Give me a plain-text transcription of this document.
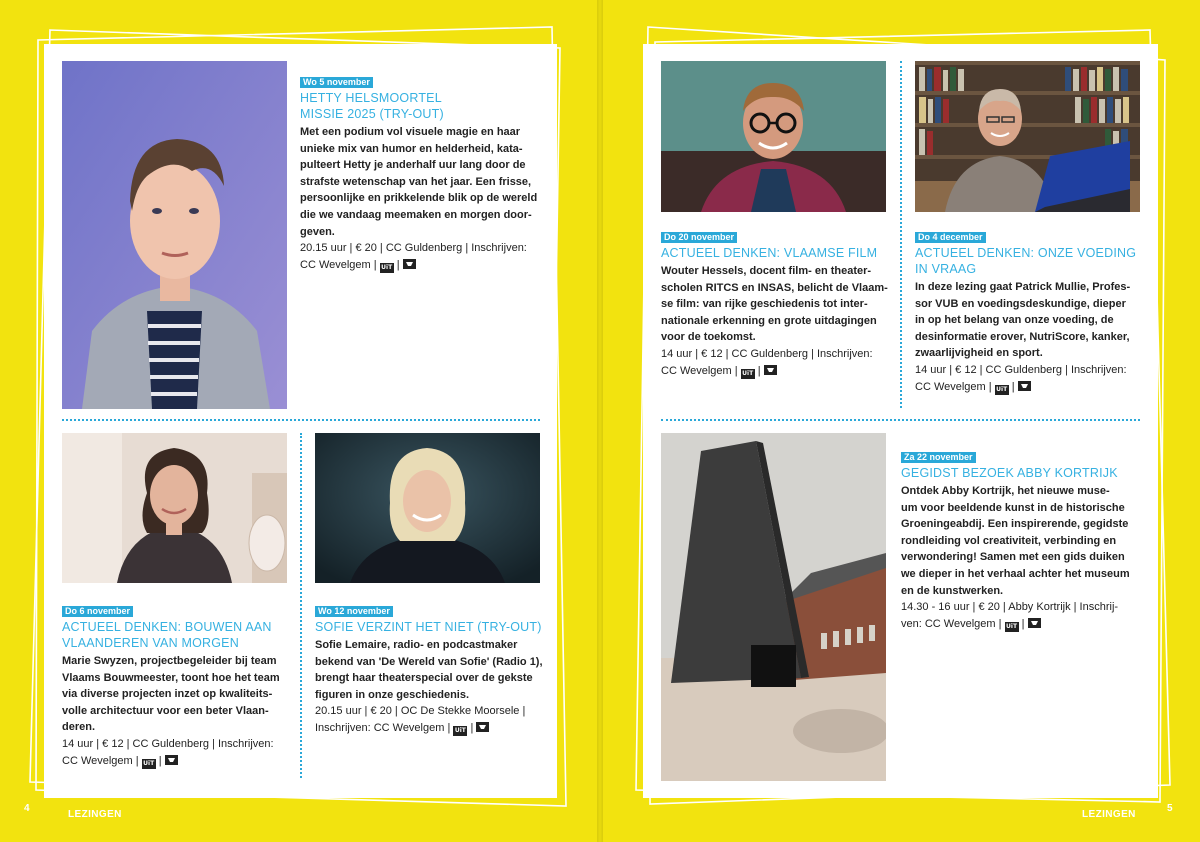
Wo 5 november
HETTY HELSMOORTEL
MISSIE 2025 (TRY-OUT)
Met een podium vol visuele magie en haar
unieke mix van humor en helderheid, kata-
pulteert Hetty je anderhalf uur lang door de
strafste wetenschap van het jaar. Een frisse,
persoonlijke en prikkelende blik op de wereld
die we vandaag meemaken en morgen door-
geven.
20.15 uur | € 20 | CC Guldenberg | Inschrijven:
CC Wevelgem | UiT |
Do 6 november
ACTUEEL DENKEN: BOUWEN AAN
VLAANDEREN VAN MORGEN
Marie Swyzen, projectbegeleider bij team
Vlaams Bouwmeester, toont hoe het team
via diverse projecten inzet op kwaliteits-
volle architectuur voor een beter Vlaan-
deren.
14 uur | € 12 | CC Guldenberg | Inschrijven:
CC Wevelgem | UiT |
Wo 12 november
SOFIE VERZINT HET NIET (TRY-OUT)
Sofie Lemaire, radio- en podcastmaker
bekend van 'De Wereld van Sofie' (Radio 1),
brengt haar theaterspecial over de gekste
figuren in onze geschiedenis.
20.15 uur | € 20 | OC De Stekke Moorsele |
Inschrijven: CC Wevelgem | UiT |
Do 20 november
ACTUEEL DENKEN: VLAAMSE FILM
Wouter Hessels, docent film- en theater-
scholen RITCS en INSAS, belicht de Vlaam-
se film: van rijke geschiedenis tot inter-
nationale erkenning en grote uitdagingen
voor de toekomst.
14 uur | € 12 | CC Guldenberg | Inschrijven:
CC Wevelgem | UiT |
Do 4 december
ACTUEEL DENKEN: ONZE VOEDING
IN VRAAG
In deze lezing gaat Patrick Mullie, Profes-
sor VUB en voedingsdeskundige, dieper
in op het belang van onze voeding, de
desinformatie erover, NutriScore, kanker,
zwaarlijvigheid en sport.
14 uur | € 12 | CC Guldenberg | Inschrijven:
CC Wevelgem | UiT |
Za 22 november
GEGIDST BEZOEK ABBY KORTRIJK
Ontdek Abby Kortrijk, het nieuwe muse-
um voor beeldende kunst in de historische
Groeningeabdij. Een inspirerende, gegidste
rondleiding vol creativiteit, verbinding en
verwondering! Samen met een gids duiken
we dieper in het verhaal achter het museum
en de kunstwerken.
14.30 - 16 uur | € 20 | Abby Kortrijk | Inschrij-
ven: CC Wevelgem | UiT |
4
LEZINGEN	LEZINGEN
5
